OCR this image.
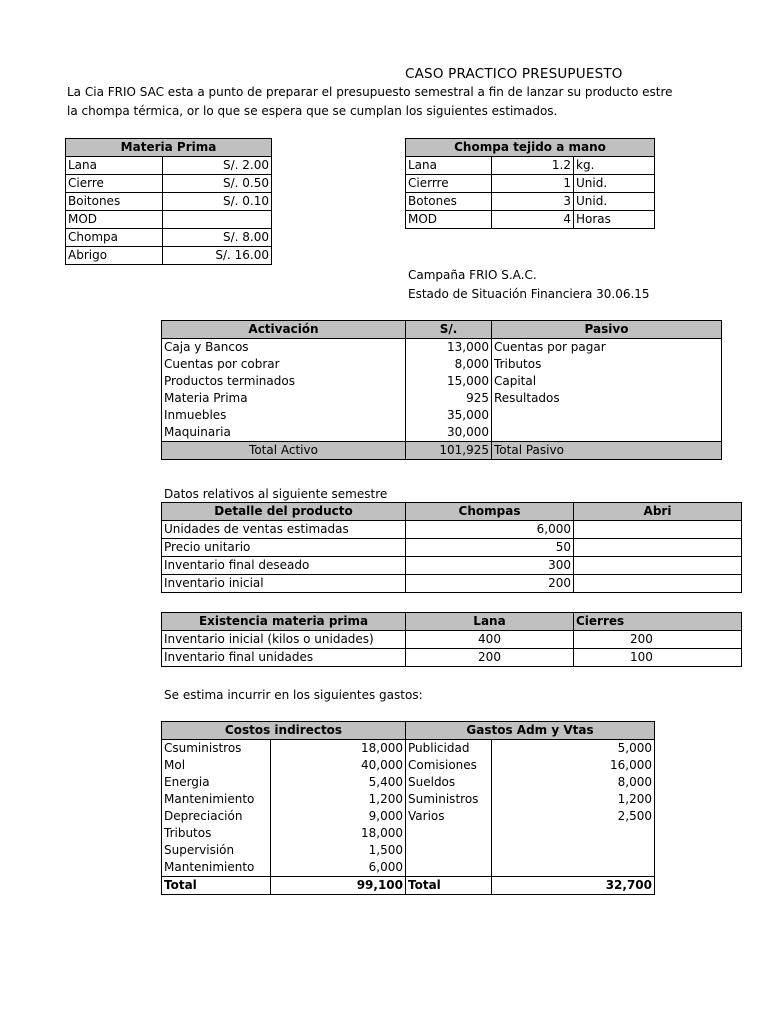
CASO PRACTICO PRESUPUESTO
La Cia FRIO SAC esta a punto de preparar el presupuesto semestral a fin de lanzar su producto estre
la chompa térmica, or lo que se espera que se cumplan los siguientes estimados.
Materia Prima	
Lana	S/. 2.00
Cierre	S/. 0.50
Boitones	S/. 0.10
MOD	
Chompa	S/. 8.00
Abrigo	S/. 16.00
Chompa tejido a mano		
Lana	1.2	kg.
Cierrre	1	Unid.
Botones	3	Unid.
MOD	4	Horas
Campaña FRIO S.A.C.
Estado de Situación Financiera 30.06.15
Activación	S/.	Pasivo
Caja y Bancos	13,000	Cuentas por pagar
Cuentas por cobrar	8,000	Tributos
Productos terminados	15,000	Capital
Materia Prima	925	Resultados
Inmuebles	35,000	
Maquinaria	30,000	
Total Activo	101,925	Total Pasivo
Datos relativos al siguiente semestre
Detalle del producto	Chompas	Abri
Unidades de ventas estimadas	6,000	
Precio unitario	50	
Inventario final deseado	300	
Inventario inicial	200	
Existencia materia prima	Lana	Cierres
Inventario inicial (kilos o unidades)	400	200
Inventario final unidades	200	100
Se estima incurrir en los siguientes gastos:
Costos indirectos		Gastos Adm y Vtas	
Csuministros	18,000	Publicidad	5,000
Mol	40,000	Comisiones	16,000
Energia	5,400	Sueldos	8,000
Mantenimiento	1,200	Suministros	1,200
Depreciación	9,000	Varios	2,500
Tributos	18,000		
Supervisión	1,500		
Mantenimiento	6,000		
Total	99,100	Total	32,700
